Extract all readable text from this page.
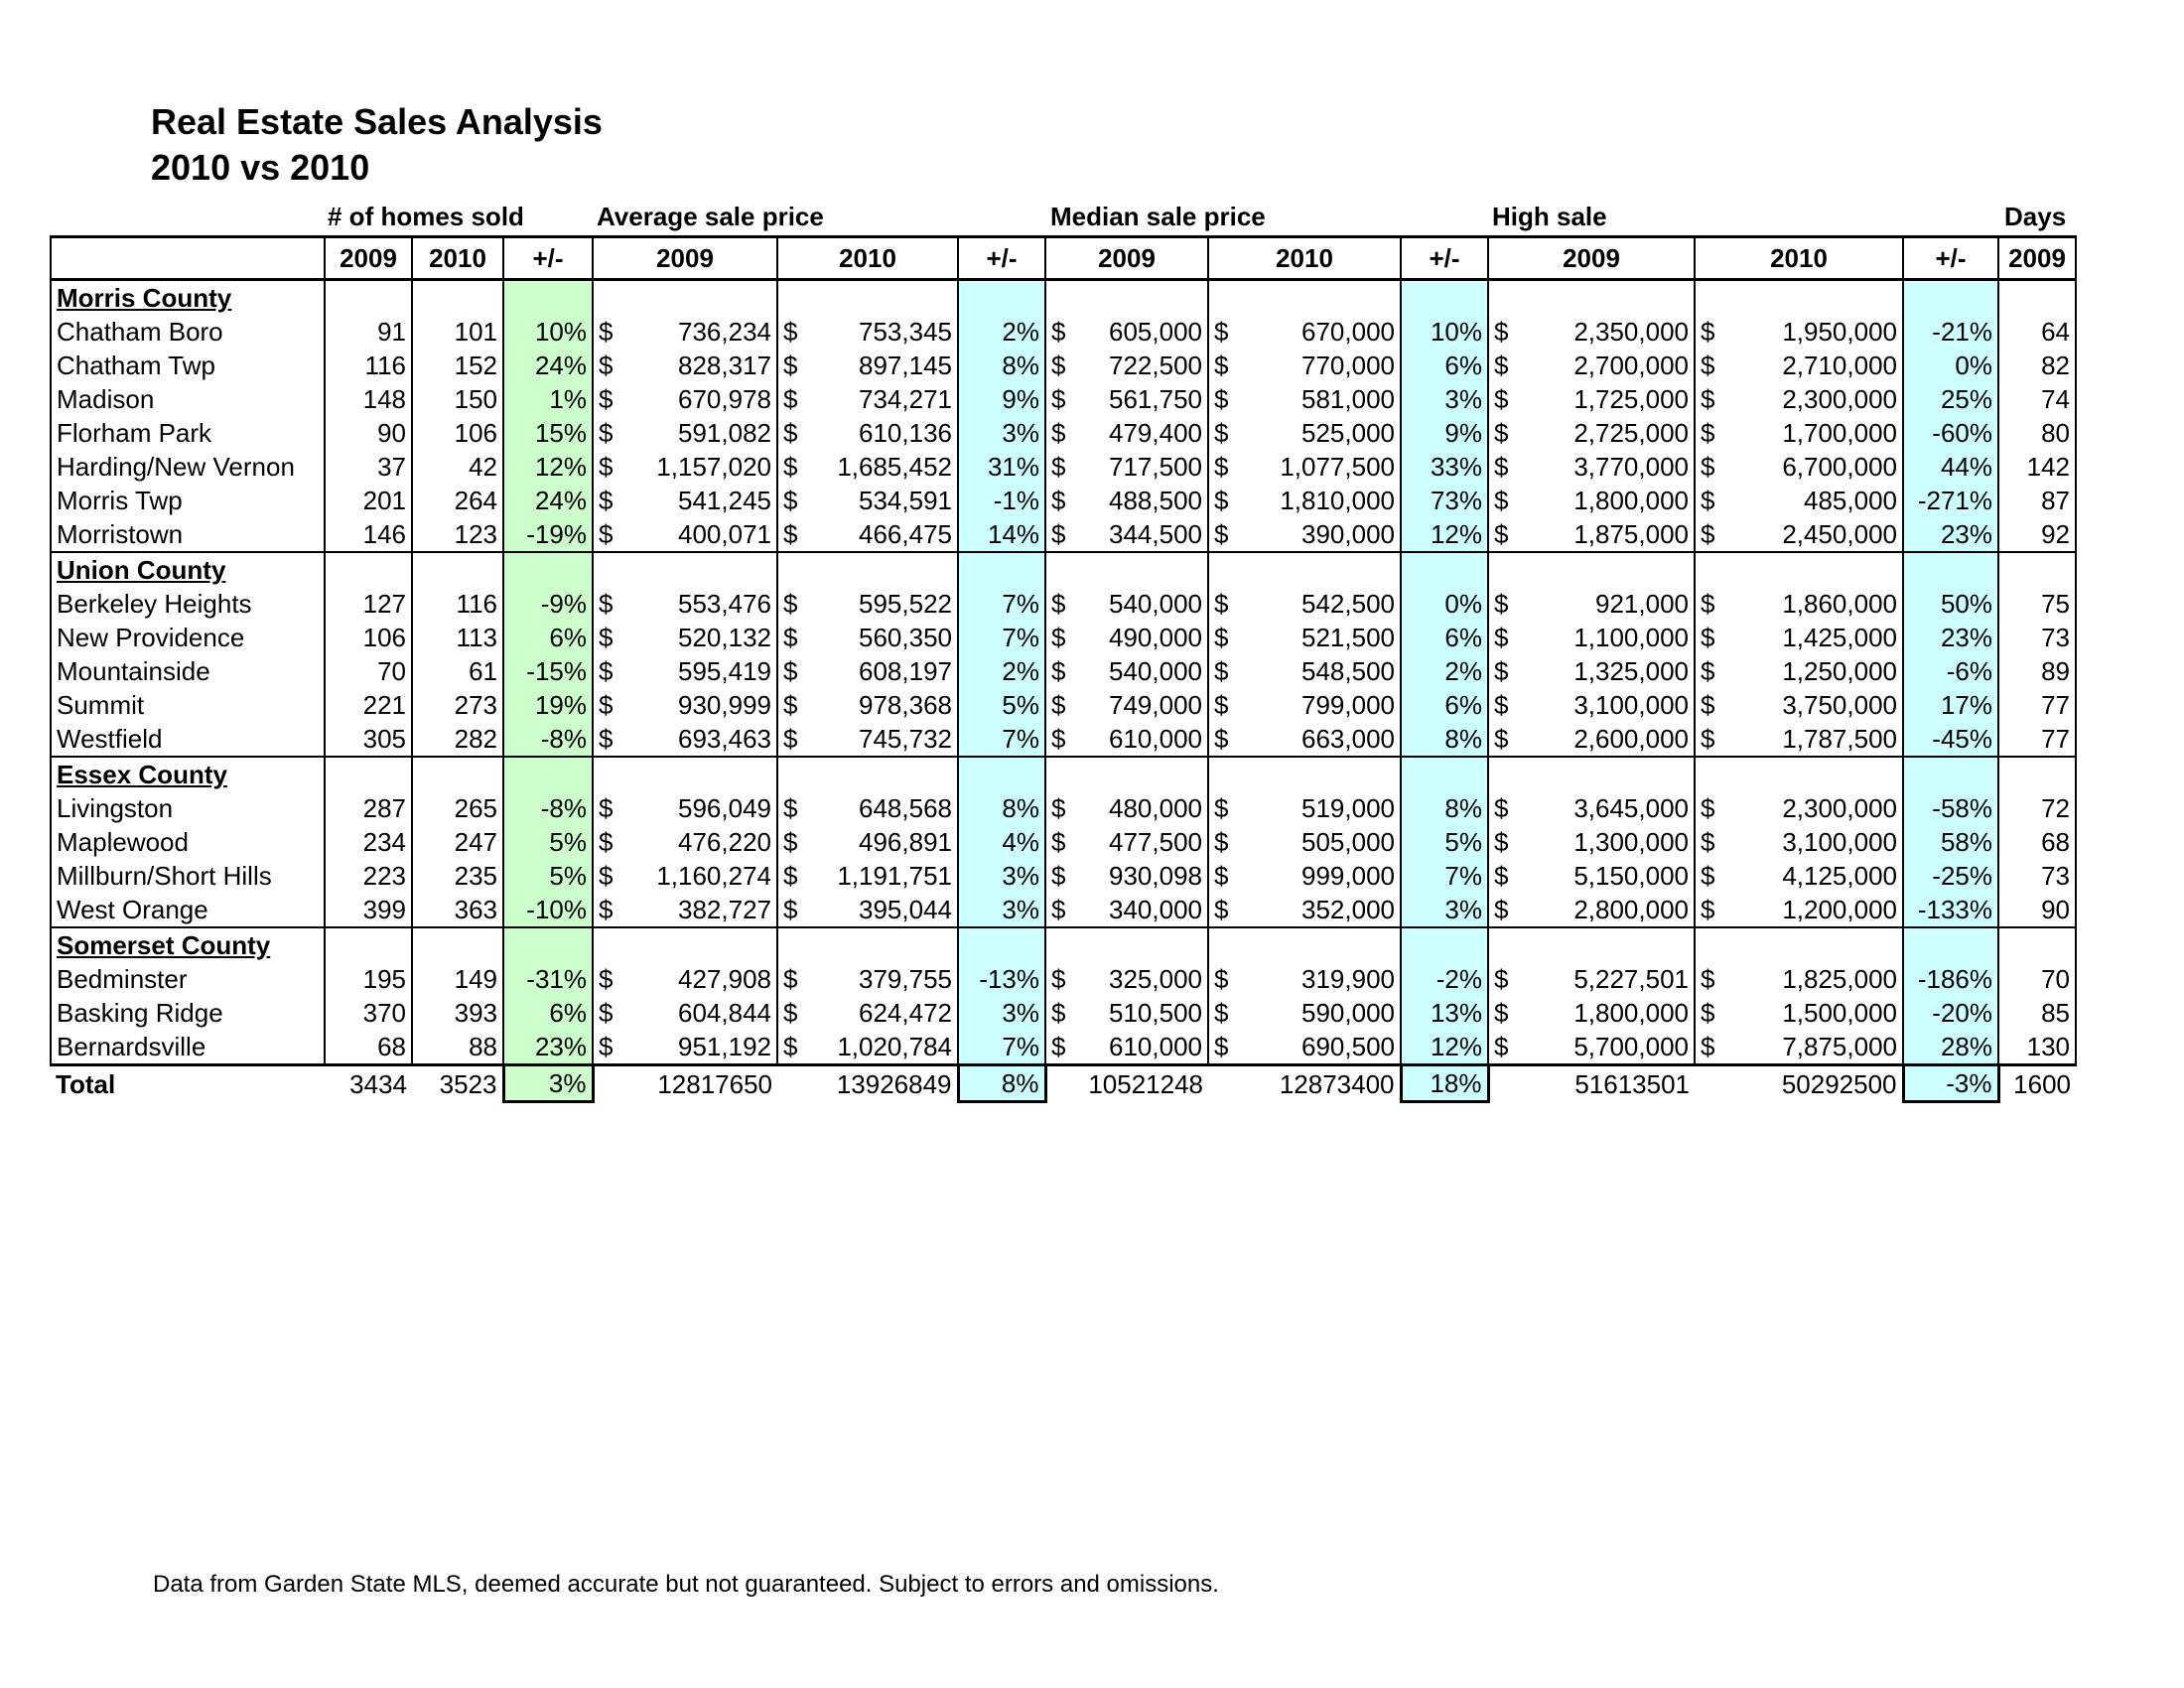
Real Estate Sales Analysis
2010 vs 2010
# of homes sold	Average sale price	Median sale price	High sale	Days
	2009	2010	+/-	2009	2010	+/-	2009	2010	+/-	2009	2010	+/-	2009
Morris County													
Chatham Boro	91	101	10%	$ 736,234	$ 753,345	2%	$ 605,000	$ 670,000	10%	$ 2,350,000	$ 1,950,000	-21%	64
Chatham Twp	116	152	24%	$ 828,317	$ 897,145	8%	$ 722,500	$ 770,000	6%	$ 2,700,000	$ 2,710,000	0%	82
Madison	148	150	1%	$ 670,978	$ 734,271	9%	$ 561,750	$ 581,000	3%	$ 1,725,000	$ 2,300,000	25%	74
Florham Park	90	106	15%	$ 591,082	$ 610,136	3%	$ 479,400	$ 525,000	9%	$ 2,725,000	$ 1,700,000	-60%	80
Harding/New Vernon	37	42	12%	$ 1,157,020	$ 1,685,452	31%	$ 717,500	$ 1,077,500	33%	$ 3,770,000	$ 6,700,000	44%	142
Morris Twp	201	264	24%	$ 541,245	$ 534,591	-1%	$ 488,500	$ 1,810,000	73%	$ 1,800,000	$ 485,000	-271%	87
Morristown	146	123	-19%	$ 400,071	$ 466,475	14%	$ 344,500	$ 390,000	12%	$ 1,875,000	$ 2,450,000	23%	92
Union County													
Berkeley Heights	127	116	-9%	$ 553,476	$ 595,522	7%	$ 540,000	$ 542,500	0%	$ 921,000	$ 1,860,000	50%	75
New Providence	106	113	6%	$ 520,132	$ 560,350	7%	$ 490,000	$ 521,500	6%	$ 1,100,000	$ 1,425,000	23%	73
Mountainside	70	61	-15%	$ 595,419	$ 608,197	2%	$ 540,000	$ 548,500	2%	$ 1,325,000	$ 1,250,000	-6%	89
Summit	221	273	19%	$ 930,999	$ 978,368	5%	$ 749,000	$ 799,000	6%	$ 3,100,000	$ 3,750,000	17%	77
Westfield	305	282	-8%	$ 693,463	$ 745,732	7%	$ 610,000	$ 663,000	8%	$ 2,600,000	$ 1,787,500	-45%	77
Essex County													
Livingston	287	265	-8%	$ 596,049	$ 648,568	8%	$ 480,000	$ 519,000	8%	$ 3,645,000	$ 2,300,000	-58%	72
Maplewood	234	247	5%	$ 476,220	$ 496,891	4%	$ 477,500	$ 505,000	5%	$ 1,300,000	$ 3,100,000	58%	68
Millburn/Short Hills	223	235	5%	$ 1,160,274	$ 1,191,751	3%	$ 930,098	$ 999,000	7%	$ 5,150,000	$ 4,125,000	-25%	73
West Orange	399	363	-10%	$ 382,727	$ 395,044	3%	$ 340,000	$ 352,000	3%	$ 2,800,000	$ 1,200,000	-133%	90
Somerset County													
Bedminster	195	149	-31%	$ 427,908	$ 379,755	-13%	$ 325,000	$ 319,900	-2%	$ 5,227,501	$ 1,825,000	-186%	70
Basking Ridge	370	393	6%	$ 604,844	$ 624,472	3%	$ 510,500	$ 590,000	13%	$ 1,800,000	$ 1,500,000	-20%	85
Bernardsville	68	88	23%	$ 951,192	$ 1,020,784	7%	$ 610,000	$ 690,500	12%	$ 5,700,000	$ 7,875,000	28%	130
Total	3434	3523	3%	12817650	13926849	8%	10521248	12873400	18%	51613501	50292500	-3%	1600
Data from Garden State MLS, deemed accurate but not guaranteed. Subject to errors and omissions.
